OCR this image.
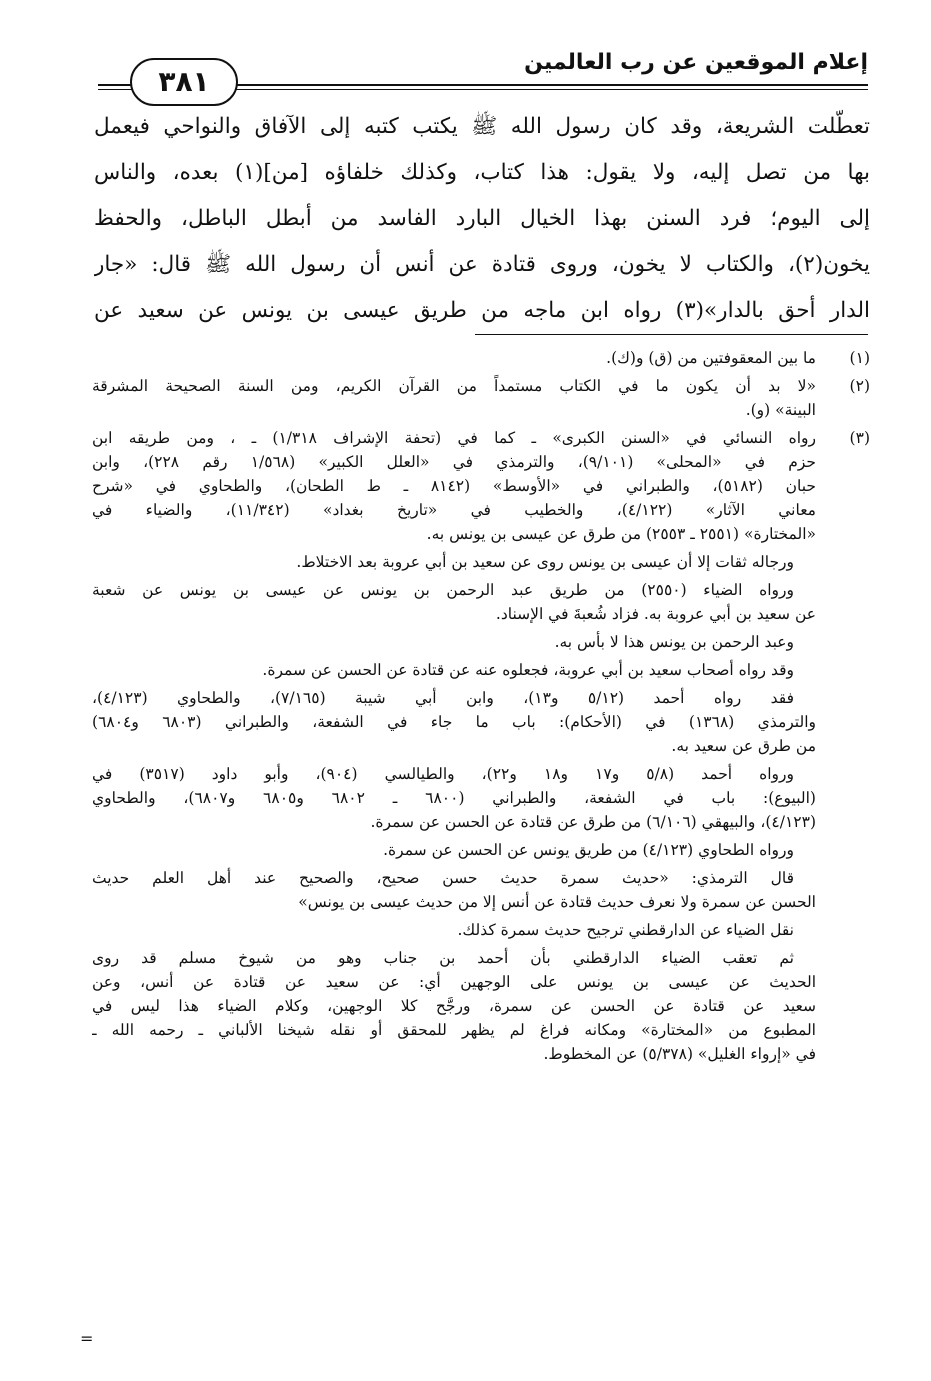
إعلام الموقعين عن رب العالمين
٣٨١
تعطّلت الشريعة، وقد كان رسول الله ﷺ يكتب كتبه إلى الآفاق والنواحي فيعمل
بها من تصل إليه، ولا يقول: هذا كتاب، وكذلك خلفاؤه [من](١) بعده، والناس
إلى اليوم؛ فرد السنن بهذا الخيال البارد الفاسد من أبطل الباطل، والحفظ
يخون(٢)، والكتاب لا يخون، وروى قتادة عن أنس أن رسول الله ﷺ قال: «جار
الدار أحق بالدار»(٣) رواه ابن ماجه من طريق عيسى بن يونس عن سعيد عن
(١)
ما بين المعقوفتين من (ق) و(ك).
(٢)
«لا بد أن يكون ما في الكتاب مستمداً من القرآن الكريم، ومن السنة الصحيحة المشرقة
البينة» (و).
(٣)
رواه النسائي في «السنن الكبرى» ـ كما في (تحفة الإشراف ١/٣١٨) ـ ، ومن طريقه ابن
حزم في «المحلى» (٩/١٠١)، والترمذي في «العلل الكبير» (١/٥٦٨ رقم ٢٢٨)، وابن
حبان (٥١٨٢)، والطبراني في «الأوسط» (٨١٤٢ ـ ط الطحان)، والطحاوي في «شرح
معاني الآثار» (٤/١٢٢)، والخطيب في «تاريخ بغداد» (١١/٣٤٢)، والضياء في
«المختارة» (٢٥٥١ ـ ٢٥٥٣) من طرق عن عيسى بن يونس به.
ورجاله ثقات إلا أن عيسى بن يونس روى عن سعيد بن أبي عروبة بعد الاختلاط.
ورواه الضياء (٢٥٥٠) من طريق عبد الرحمن بن يونس عن عيسى بن يونس عن شعبة
عن سعيد بن أبي عروبة به. فزاد شُعبةَ في الإسناد.
وعبد الرحمن بن يونس هذا لا بأس به.
وقد رواه أصحاب سعيد بن أبي عروبة، فجعلوه عنه عن قتادة عن الحسن عن سمرة.
فقد رواه أحمد (٥/١٢ و١٣)، وابن أبي شيبة (٧/١٦٥)، والطحاوي (٤/١٢٣)،
والترمذي (١٣٦٨) في (الأحكام): باب ما جاء في الشفعة، والطبراني (٦٨٠٣ و٦٨٠٤)
من طرق عن سعيد به.
ورواه أحمد (٥/٨ و١٧ و١٨ و٢٢)، والطيالسي (٩٠٤)، وأبو داود (٣٥١٧) في
(البيوع): باب في الشفعة، والطبراني (٦٨٠٠ ـ ٦٨٠٢ و٦٨٠٥ و٦٨٠٧)، والطحاوي
(٤/١٢٣)، والبيهقي (٦/١٠٦) من طرق عن قتادة عن الحسن عن سمرة.
ورواه الطحاوي (٤/١٢٣) من طريق يونس عن الحسن عن سمرة.
قال الترمذي: «حديث سمرة حديث حسن صحيح، والصحيح عند أهل العلم حديث
الحسن عن سمرة ولا نعرف حديث قتادة عن أنس إلا من حديث عيسى بن يونس»
نقل الضياء عن الدارقطني ترجيح حديث سمرة كذلك.
ثم تعقب الضياء الدارقطني بأن أحمد بن جناب وهو من شيوخ مسلم قد روى
الحديث عن عيسى بن يونس على الوجهين أي: عن سعيد عن قتادة عن أنس، وعن
سعيد عن قتادة عن الحسن عن سمرة، ورجَّح كلا الوجهين، وكلام الضياء هذا ليس في
المطبوع من «المختارة» ومكانه فراغ لم يظهر للمحقق أو نقله شيخنا الألباني ـ رحمه الله ـ
في «إرواء الغليل» (٥/٣٧٨) عن المخطوط.
=
